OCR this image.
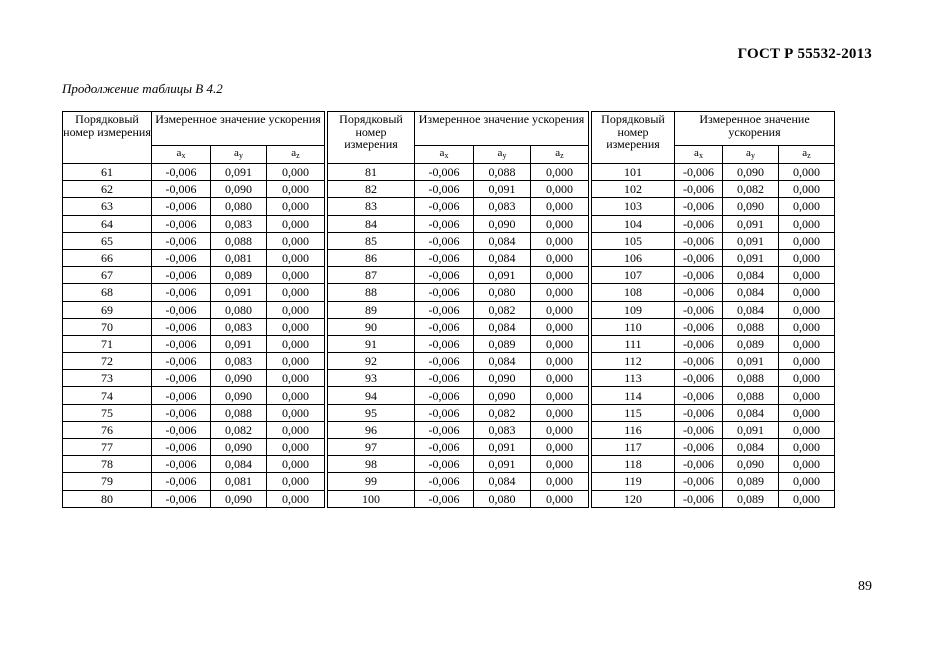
ГОСТ Р 55532-2013
Продолжение таблицы В 4.2
Порядковый номер измерения	Измеренное значение ускорения				Порядковый номер измерения	Измеренное значение ускорения				Порядковый номер измерения	Измеренное значение ускорения		
	ax	ay	az			ax	ay	az			ax	ay	az
61	-0,006	0,091	0,000		81	-0,006	0,088	0,000		101	-0,006	0,090	0,000
62	-0,006	0,090	0,000		82	-0,006	0,091	0,000		102	-0,006	0,082	0,000
63	-0,006	0,080	0,000		83	-0,006	0,083	0,000		103	-0,006	0,090	0,000
64	-0,006	0,083	0,000		84	-0,006	0,090	0,000		104	-0,006	0,091	0,000
65	-0,006	0,088	0,000		85	-0,006	0,084	0,000		105	-0,006	0,091	0,000
66	-0,006	0,081	0,000		86	-0,006	0,084	0,000		106	-0,006	0,091	0,000
67	-0,006	0,089	0,000		87	-0,006	0,091	0,000		107	-0,006	0,084	0,000
68	-0,006	0,091	0,000		88	-0,006	0,080	0,000		108	-0,006	0,084	0,000
69	-0,006	0,080	0,000		89	-0,006	0,082	0,000		109	-0,006	0,084	0,000
70	-0,006	0,083	0,000		90	-0,006	0,084	0,000		110	-0,006	0,088	0,000
71	-0,006	0,091	0,000		91	-0,006	0,089	0,000		111	-0,006	0,089	0,000
72	-0,006	0,083	0,000		92	-0,006	0,084	0,000		112	-0,006	0,091	0,000
73	-0,006	0,090	0,000		93	-0,006	0,090	0,000		113	-0,006	0,088	0,000
74	-0,006	0,090	0,000		94	-0,006	0,090	0,000		114	-0,006	0,088	0,000
75	-0,006	0,088	0,000		95	-0,006	0,082	0,000		115	-0,006	0,084	0,000
76	-0,006	0,082	0,000		96	-0,006	0,083	0,000		116	-0,006	0,091	0,000
77	-0,006	0,090	0,000		97	-0,006	0,091	0,000		117	-0,006	0,084	0,000
78	-0,006	0,084	0,000		98	-0,006	0,091	0,000		118	-0,006	0,090	0,000
79	-0,006	0,081	0,000		99	-0,006	0,084	0,000		119	-0,006	0,089	0,000
80	-0,006	0,090	0,000		100	-0,006	0,080	0,000		120	-0,006	0,089	0,000
89
